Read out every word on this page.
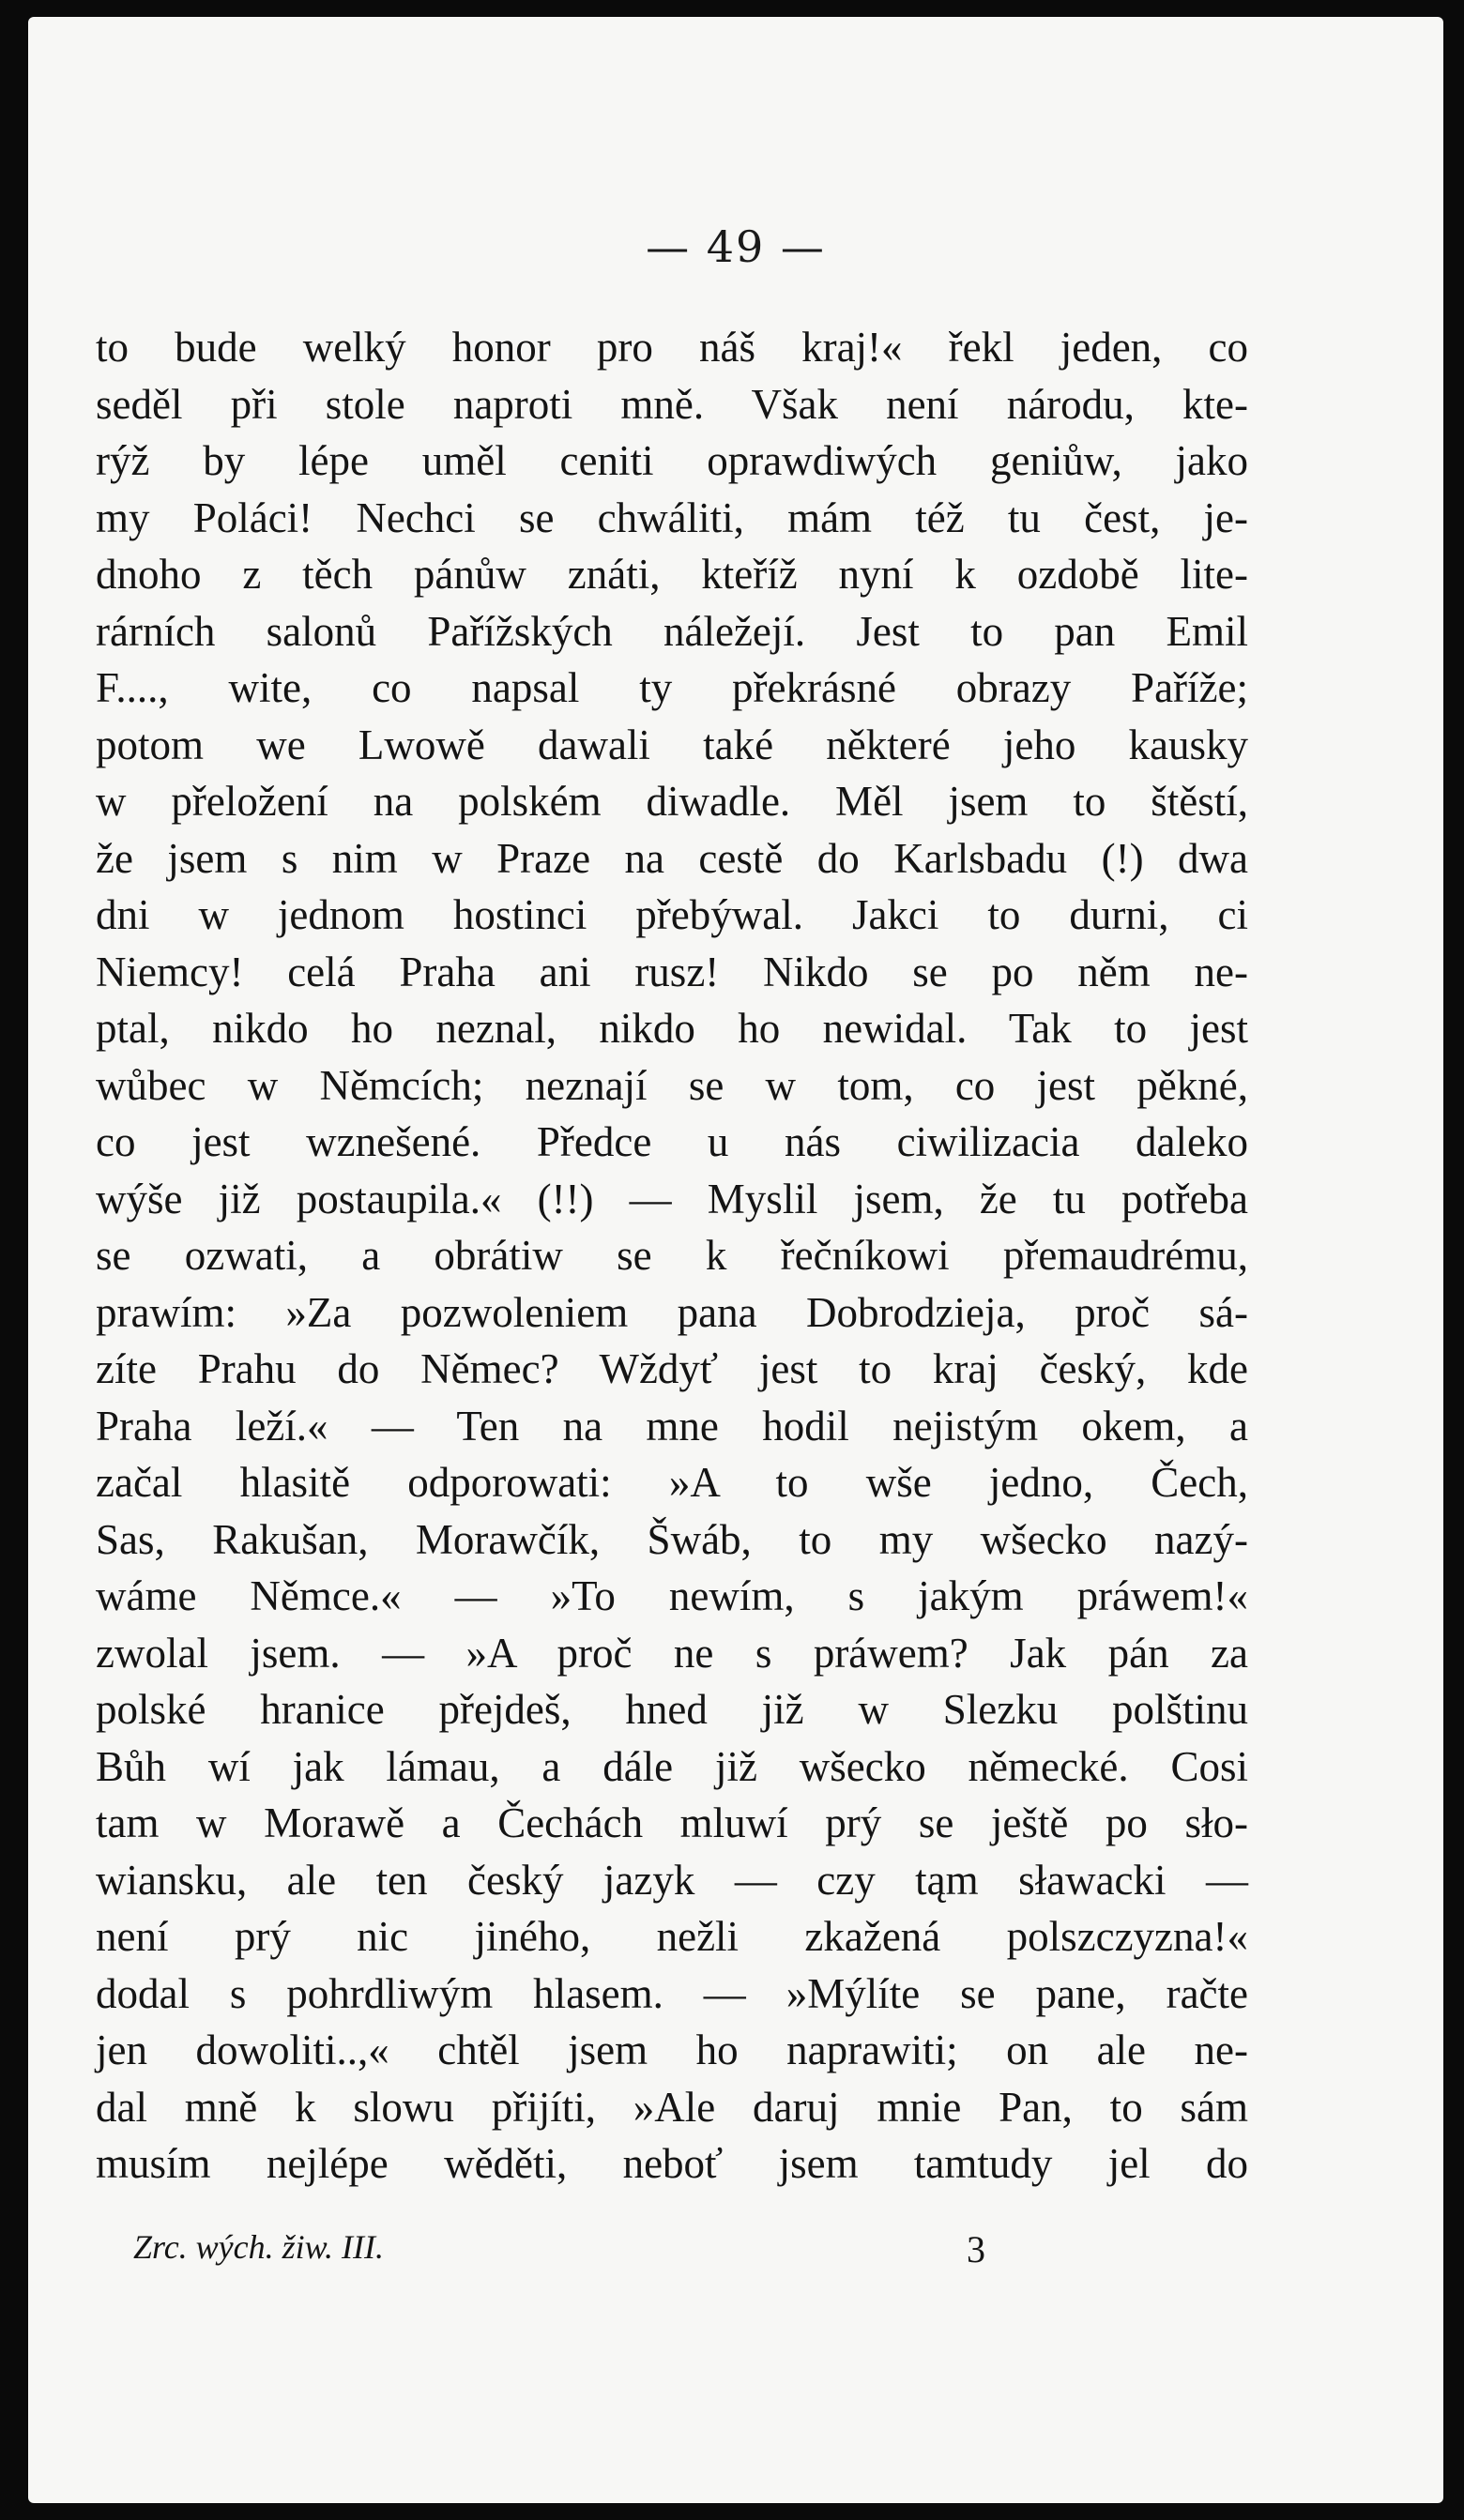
— 49 —
to bude welký honor pro náš kraj!« řekl jeden, co
seděl při stole naproti mně. Však není národu, kte-
rýž by lépe uměl ceniti oprawdiwých geniůw, jako
my Poláci! Nechci se chwáliti, mám též tu čest, je-
dnoho z těch pánůw znáti, kteříž nyní k ozdobě lite-
rárních salonů Pařížských náležejí. Jest to pan Emil
F...., wite, co napsal ty překrásné obrazy Paříže;
potom we Lwowě dawali také některé jeho kausky
w přeložení na polském diwadle. Měl jsem to štěstí,
že jsem s nim w Praze na cestě do Karlsbadu (!) dwa
dni w jednom hostinci přebýwal. Jakci to durni, ci
Niemcy! celá Praha ani rusz! Nikdo se po něm ne-
ptal, nikdo ho neznal, nikdo ho newidal. Tak to jest
wůbec w Němcích; neznají se w tom, co jest pěkné,
co jest wznešené. Předce u nás ciwilizacia daleko
wýše již postaupila.« (!!) — Myslil jsem, že tu potřeba
se ozwati, a obrátiw se k řečníkowi přemaudrému,
prawím: »Za pozwoleniem pana Dobrodzieja, proč sá-
zíte Prahu do Němec? Wždyť jest to kraj český, kde
Praha leží.« — Ten na mne hodil nejistým okem, a
začal hlasitě odporowati: »A to wše jedno, Čech,
Sas, Rakušan, Morawčík, Šwáb, to my wšecko nazý-
wáme Němce.« — »To newím, s jakým práwem!«
zwolal jsem. — »A proč ne s práwem? Jak pán za
polské hranice přejdeš, hned již w Slezku polštinu
Bůh wí jak lámau, a dále již wšecko německé. Cosi
tam w Morawě a Čechách mluwí prý se ještě po sło-
wiansku, ale ten český jazyk — czy tąm sławacki —
není prý nic jiného, nežli zkažená polszczyzna!«
dodal s pohrdliwým hlasem. — »Mýlíte se pane, račte
jen dowoliti..,« chtěl jsem ho naprawiti; on ale ne-
dal mně k slowu přijíti, »Ale daruj mnie Pan, to sám
musím nejlépe wěděti, neboť jsem tamtudy jel do
Zrc. wých. žiw. III.	3
